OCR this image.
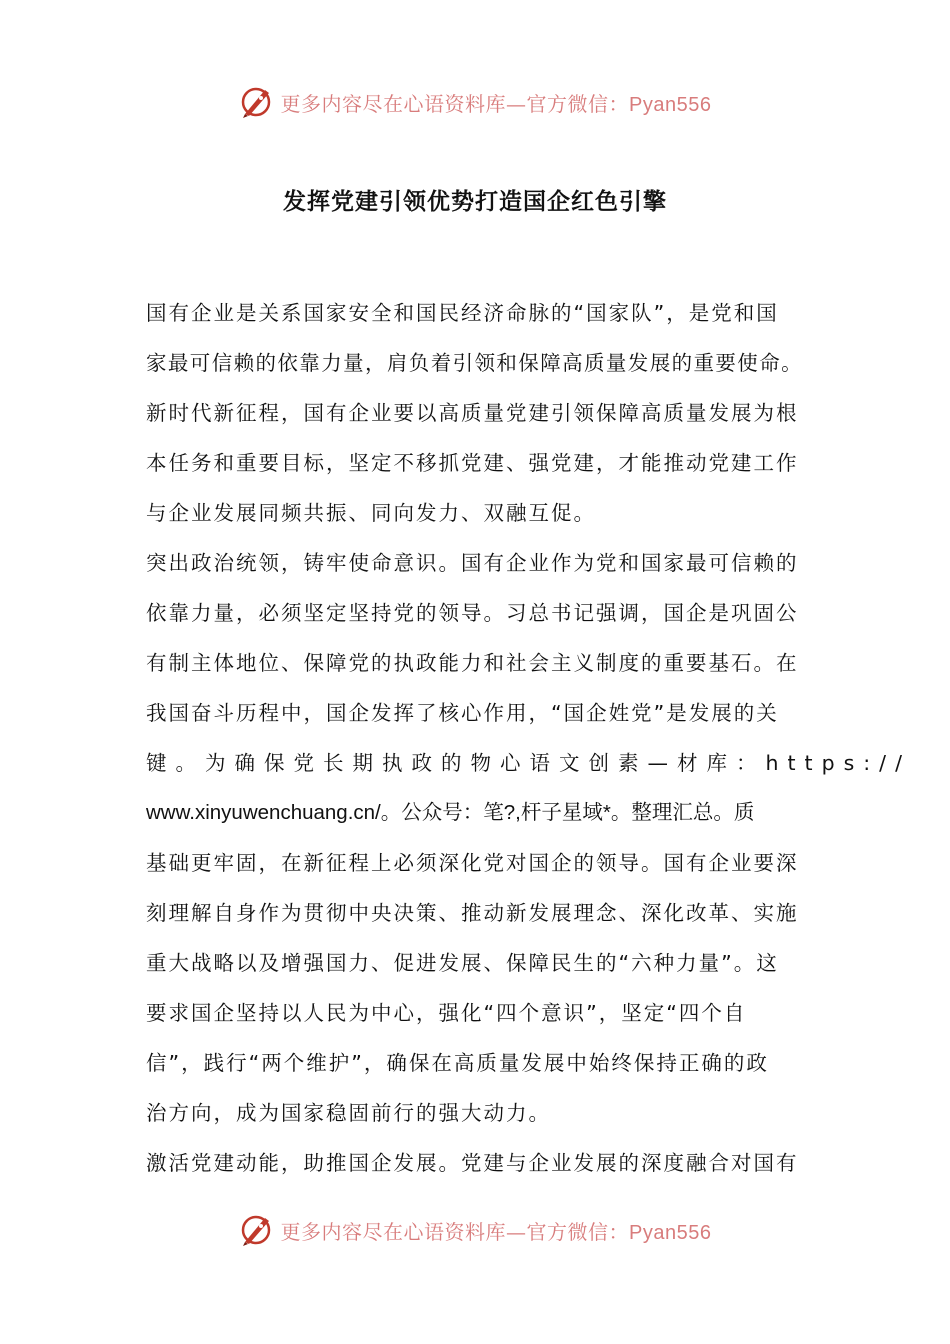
更多内容尽在心语资料库—官方微信：Pyan556
发挥党建引领优势打造国企红色引擎
国有企业是关系国家安全和国民经济命脉的“国家队”，是党和国
家最可信赖的依靠力量，肩负着引领和保障高质量发展的重要使命。
新时代新征程，国有企业要以高质量党建引领保障高质量发展为根
本任务和重要目标，坚定不移抓党建、强党建，才能推动党建工作
与企业发展同频共振、同向发力、双融互促。
突出政治统领，铸牢使命意识。国有企业作为党和国家最可信赖的
依靠力量，必须坚定坚持党的领导。习总书记强调，国企是巩固公
有制主体地位、保障党的执政能力和社会主义制度的重要基石。在
我国奋斗历程中，国企发挥了核心作用，“国企姓党”是发展的关
键。为确保党长期执政的物心语文创素—材库：https://
www.xinyuwenchuang.cn/。公众号：笔?,杆子星域*。整理汇总。质
基础更牢固，在新征程上必须深化党对国企的领导。国有企业要深
刻理解自身作为贯彻中央决策、推动新发展理念、深化改革、实施
重大战略以及增强国力、促进发展、保障民生的“六种力量”。这
要求国企坚持以人民为中心，强化“四个意识”，坚定“四个自
信”，践行“两个维护”，确保在高质量发展中始终保持正确的政
治方向，成为国家稳固前行的强大动力。
激活党建动能，助推国企发展。党建与企业发展的深度融合对国有
更多内容尽在心语资料库—官方微信：Pyan556
